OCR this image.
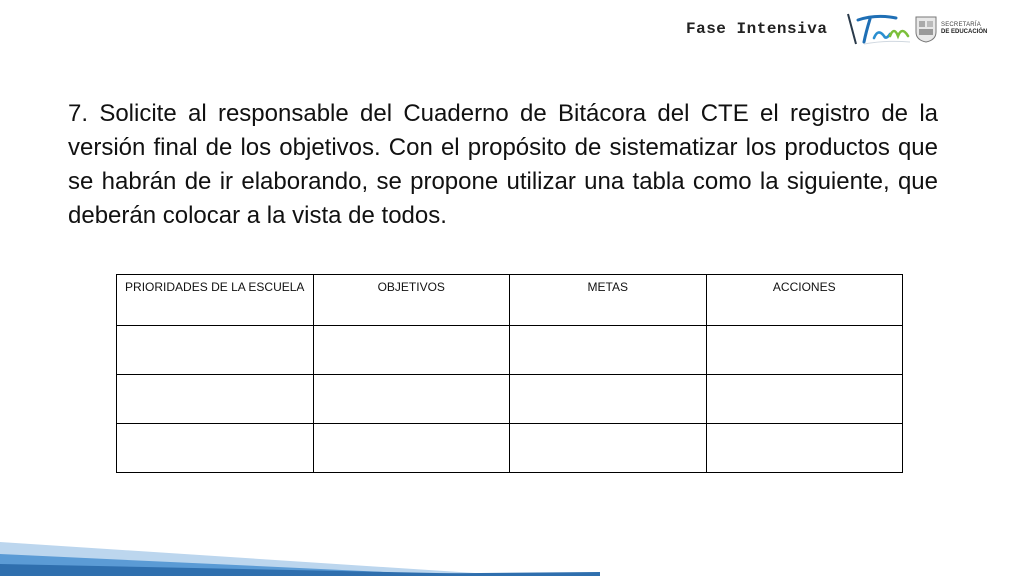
Fase Intensiva	SECRETARÍA
DE EDUCACIÓN

7. Solicite al responsable del Cuaderno de Bitácora del CTE el registro de la versión final de los objetivos. Con el propósito de sistematizar los productos que se habrán de ir elaborando, se propone utilizar una tabla como la siguiente, que deberán colocar a la vista de todos.

PRIORIDADES DE LA ESCUELA	OBJETIVOS	METAS	ACCIONES
